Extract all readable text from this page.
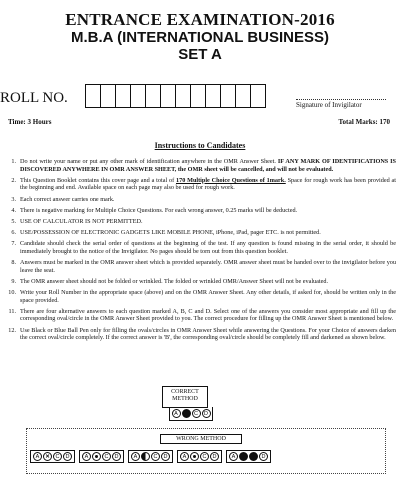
ENTRANCE EXAMINATION-2016
M.B.A (INTERNATIONAL BUSINESS)
SET A
ROLL NO.	Signature of Invigilator
Time: 3 Hours	Total Marks: 170
Instructions to Candidates
1. Do not write your name or put any other mark of identification anywhere in the OMR Answer Sheet. IF ANY MARK OF IDENTIFICATIONS IS DISCOVERED ANYWHERE IN OMR ANSWER SHEET, the OMR sheet will be cancelled, and will not be evaluated.
2. This Question Booklet contains this cover page and a total of 170 Multiple Choice Questions of 1mark. Space for rough work has been provided at the beginning and end. Available space on each page may also be used for rough work.
3. Each correct answer carries one mark.
4. There is negative marking for Multiple Choice Questions. For each wrong answer, 0.25 marks will be deducted.
5. USE OF CALCULATOR IS NOT PERMITTED.
6. USE/POSSESSION OF ELECTRONIC GADGETS LIKE MOBILE PHONE, iPhone, iPad, pager ETC. is not permitted.
7. Candidate should check the serial order of questions at the beginning of the test. If any question is found missing in the serial order, it should be immediately brought to the notice of the Invigilator. No pages should be torn out from this question booklet.
8. Answers must be marked in the OMR answer sheet which is provided separately. OMR answer sheet must be handed over to the invigilator before you leave the seat.
9. The OMR answer sheet should not be folded or wrinkled. The folded or wrinkled OMR/Answer Sheet will not be evaluated.
10. Write your Roll Number in the appropriate space (above) and on the OMR Answer Sheet. Any other details, if asked for, should be written only in the space provided.
11. There are four alternative answers to each question marked A, B, C and D. Select one of the answers you consider most appropriate and fill up the corresponding oval/circle in the OMR Answer Sheet provided to you. The correct procedure for filling up the OMR Answer Sheet is mentioned below.
12. Use Black or Blue Ball Pen only for filling the ovals/circles in OMR Answer Sheet while answering the Questions. For your Choice of answers darken the correct oval/circle completely. If the correct answer is 'B', the corresponding oval/circle should be completely fill and darkened as shown below.
CORRECT METHOD
A	C	D
WRONG METHOD
A	✕	C	D	A	C	D	A	C	D	A	C	D	A	D
